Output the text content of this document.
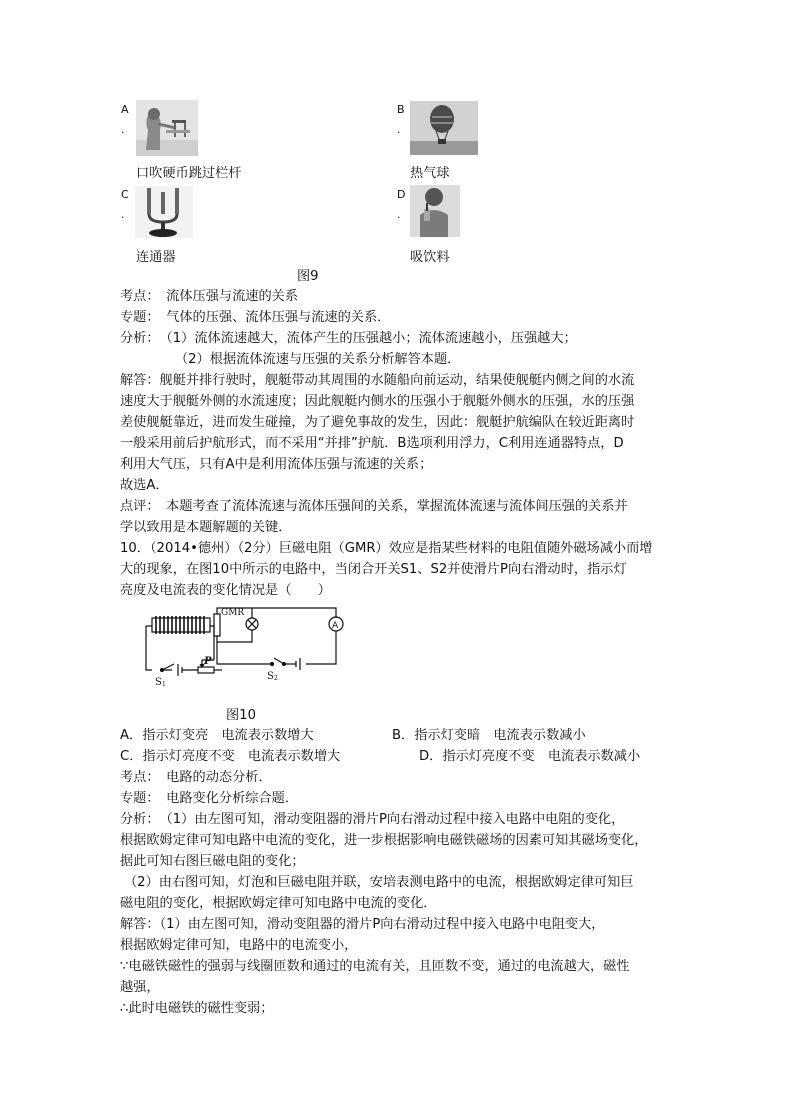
A
.
口吹硬币跳过栏杆
B
.
热气球
C
.
连通器
D
.
吸饮料
图9
考点：　流体压强与流速的关系
专题：　气体的压强、流体压强与流速的关系．
分析：　（1）流体流速越大，流体产生的压强越小；流体流速越小，压强越大；
（2）根据流体流速与压强的关系分析解答本题．
解答：舰艇并排行驶时，舰艇带动其周围的水随船向前运动，结果使舰艇内侧之间的水流
速度大于舰艇外侧的水流速度；因此舰艇内侧水的压强小于舰艇外侧水的压强，水的压强
差使舰艇靠近，进而发生碰撞，为了避免事故的发生，因此：舰艇护航编队在较近距离时
一般采用前后护航形式，而不采用“并排”护航．B选项利用浮力，C利用连通器特点，D
利用大气压，只有A中是利用流体压强与流速的关系；
故选A．
点评：　本题考查了流体流速与流体压强间的关系，掌握流体流速与流体间压强的关系并
学以致用是本题解题的关键．
10．（2014•德州）（2分）巨磁电阻（GMR）效应是指某些材料的电阻值随外磁场减小而增
大的现象，在图10中所示的电路中，当闭合开关S1、S2并使滑片P向右滑动时，指示灯
亮度及电流表的变化情况是（　　）
GMR
A
P
S 1
S 2
图10
A．指示灯变亮　电流表示数增大	B．指示灯变暗　电流表示数减小
C．指示灯亮度不变　电流表示数增大	D．指示灯亮度不变　电流表示数减小
考点：　电路的动态分析．
专题：　电路变化分析综合题．
分析：　（1）由左图可知，滑动变阻器的滑片P向右滑动过程中接入电路中电阻的变化，
根据欧姆定律可知电路中电流的变化，进一步根据影响电磁铁磁场的因素可知其磁场变化，
据此可知右图巨磁电阻的变化；
（2）由右图可知，灯泡和巨磁电阻并联，安培表测电路中的电流，根据欧姆定律可知巨
磁电阻的变化，根据欧姆定律可知电路中电流的变化．
解答：（1）由左图可知，滑动变阻器的滑片P向右滑动过程中接入电路中电阻变大，
根据欧姆定律可知，电路中的电流变小，
∵电磁铁磁性的强弱与线圈匝数和通过的电流有关，且匝数不变，通过的电流越大，磁性
越强，
∴此时电磁铁的磁性变弱；
